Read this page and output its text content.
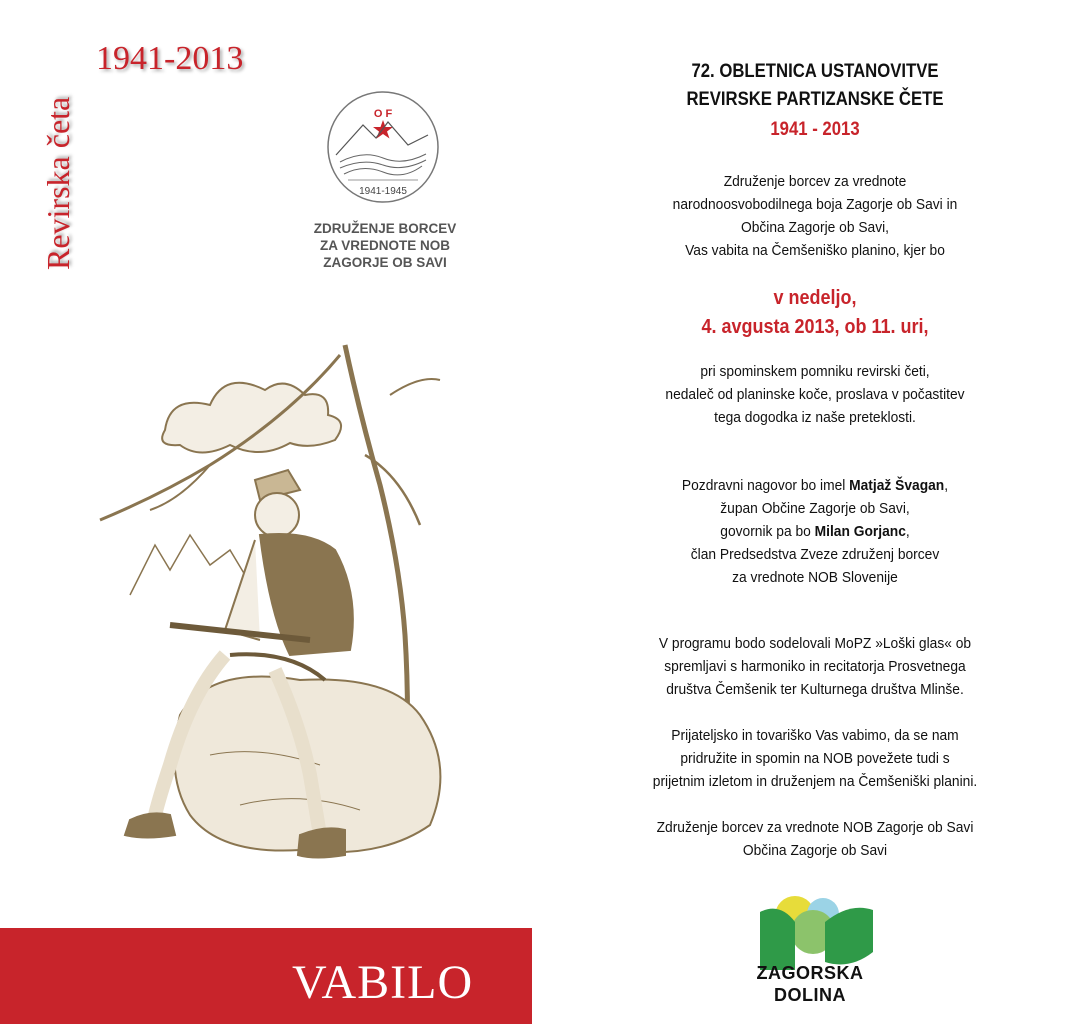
Revirska četa
1941-2013
O F
1941-1945
ZDRUŽENJE BORCEV
ZA VREDNOTE NOB
ZAGORJE OB SAVI
VABILO
72. OBLETNICA USTANOVITVE
REVIRSKE PARTIZANSKE ČETE
1941 - 2013
Združenje borcev za vrednote
narodnoosvobodilnega boja Zagorje ob Savi in
Občina Zagorje ob Savi,
Vas vabita na Čemšeniško planino, kjer bo
v nedeljo,
4. avgusta 2013, ob 11. uri,
pri spominskem pomniku revirski četi,
nedaleč od planinske koče, proslava v počastitev
tega dogodka iz naše preteklosti.
Pozdravni nagovor bo imel Matjaž Švagan,
župan Občine Zagorje ob Savi,
govornik pa bo Milan Gorjanc,
član Predsedstva Zveze združenj borcev
za vrednote NOB Slovenije
V programu bodo sodelovali MoPZ »Loški glas« ob
spremljavi s harmoniko in recitatorja Prosvetnega
društva Čemšenik ter Kulturnega društva Mlinše.
Prijateljsko in tovariško Vas vabimo, da se nam
pridružite in spomin na NOB povežete tudi s
prijetnim izletom in druženjem na Čemšeniški planini.
Združenje borcev za vrednote NOB Zagorje ob Savi
Občina Zagorje ob Savi
ZAGORSKA
DOLINA
